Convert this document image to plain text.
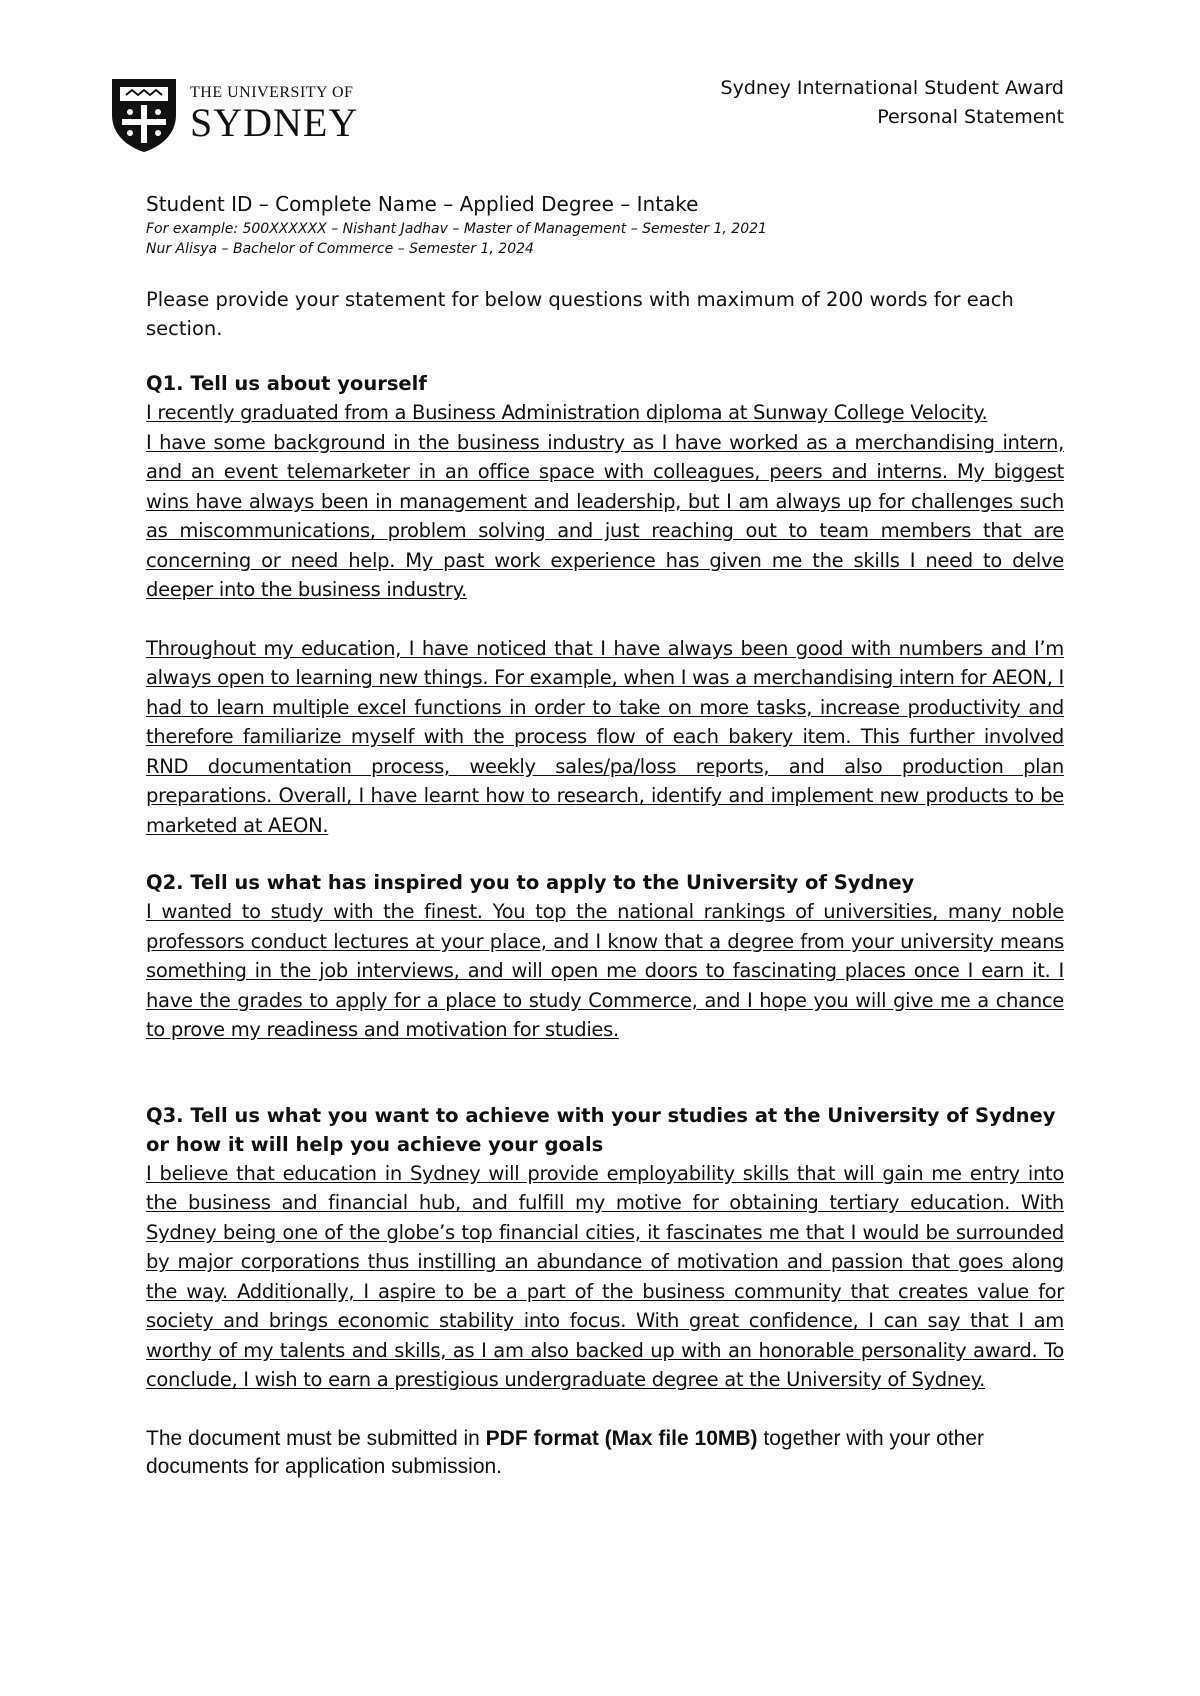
THE UNIVERSITY OF
SYDNEY
Sydney International Student Award
Personal Statement

Student ID – Complete Name – Applied Degree – Intake

For example: 500XXXXXX – Nishant Jadhav – Master of Management – Semester 1, 2021
Nur Alisya – Bachelor of Commerce – Semester 1, 2024

Please provide your statement for below questions with maximum of 200 words for each section.

Q1. Tell us about yourself

I recently graduated from a Business Administration diploma at Sunway College Velocity.

I have some background in the business industry as I have worked as a merchandising intern, and an event telemarketer in an office space with colleagues, peers and interns. My biggest wins have always been in management and leadership, but I am always up for challenges such as miscommunications, problem solving and just reaching out to team members that are concerning or need help. My past work experience has given me the skills I need to delve deeper into the business industry.

Throughout my education, I have noticed that I have always been good with numbers and I’m always open to learning new things. For example, when I was a merchandising intern for AEON, I had to learn multiple excel functions in order to take on more tasks, increase productivity and therefore familiarize myself with the process flow of each bakery item. This further involved RND documentation process, weekly sales/pa/loss reports, and also production plan preparations. Overall, I have learnt how to research, identify and implement new products to be marketed at AEON.

Q2. Tell us what has inspired you to apply to the University of Sydney

I wanted to study with the finest. You top the national rankings of universities, many noble professors conduct lectures at your place, and I know that a degree from your university means something in the job interviews, and will open me doors to fascinating places once I earn it. I have the grades to apply for a place to study Commerce, and I hope you will give me a chance to prove my readiness and motivation for studies.

Q3. Tell us what you want to achieve with your studies at the University of Sydney or how it will help you achieve your goals

I believe that education in Sydney will provide employability skills that will gain me entry into the business and financial hub, and fulfill my motive for obtaining tertiary education. With Sydney being one of the globe’s top financial cities, it fascinates me that I would be surrounded by major corporations thus instilling an abundance of motivation and passion that goes along the way. Additionally, I aspire to be a part of the business community that creates value for society and brings economic stability into focus. With great confidence, I can say that I am worthy of my talents and skills, as I am also backed up with an honorable personality award. To conclude, I wish to earn a prestigious undergraduate degree at the University of Sydney.

The document must be submitted in PDF format (Max file 10MB) together with your other documents for application submission.
